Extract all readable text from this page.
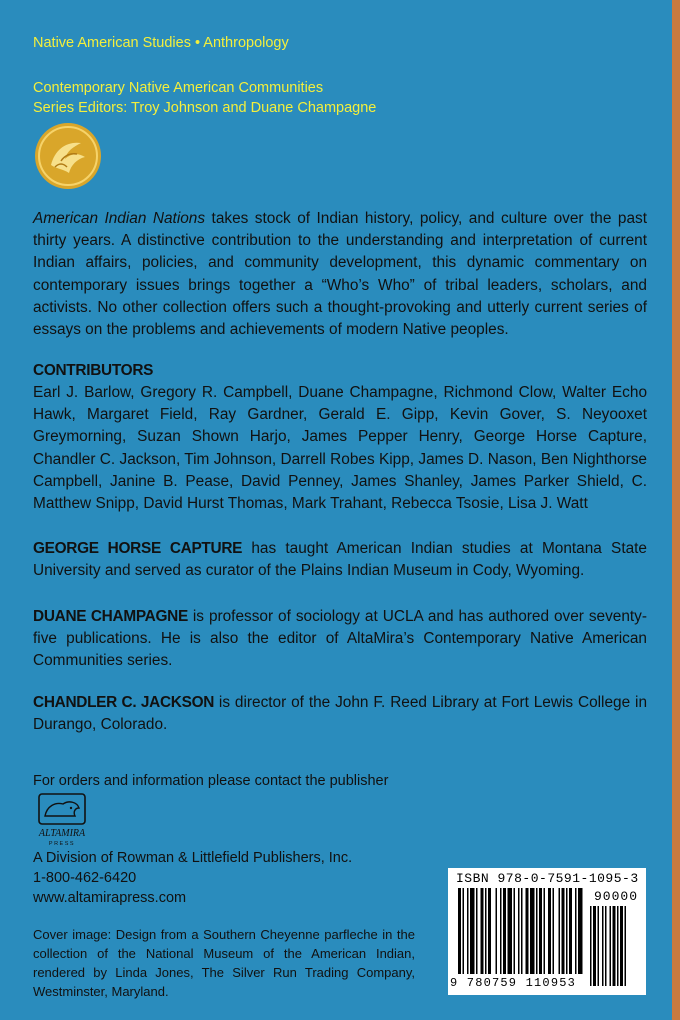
Native American Studies • Anthropology
Contemporary Native American Communities
Series Editors: Troy Johnson and Duane Champagne
American Indian Nations takes stock of Indian history, policy, and culture over the past thirty years. A distinctive contribution to the understanding and interpretation of current Indian affairs, policies, and community development, this dynamic commentary on contemporary issues brings together a “Who’s Who” of tribal leaders, scholars, and activists. No other collection offers such a thought-provoking and utterly current series of essays on the problems and achievements of modern Native peoples.
CONTRIBUTORS
Earl J. Barlow, Gregory R. Campbell, Duane Champagne, Richmond Clow, Walter Echo Hawk, Margaret Field, Ray Gardner, Gerald E. Gipp, Kevin Gover, S. Neyooxet Greymorning, Suzan Shown Harjo, James Pepper Henry, George Horse Capture, Chandler C. Jackson, Tim Johnson, Darrell Robes Kipp, James D. Nason, Ben Nighthorse Campbell, Janine B. Pease, David Penney, James Shanley, James Parker Shield, C. Matthew Snipp, David Hurst Thomas, Mark Trahant, Rebecca Tsosie, Lisa J. Watt
GEORGE HORSE CAPTURE has taught American Indian studies at Montana State University and served as curator of the Plains Indian Museum in Cody, Wyoming.
DUANE CHAMPAGNE is professor of sociology at UCLA and has authored over seventy-five publications. He is also the editor of AltaMira’s Contemporary Native American Communities series.
CHANDLER C. JACKSON is director of the John F. Reed Library at Fort Lewis College in Durango, Colorado.
For orders and information please contact the publisher
ALTAMIRA
PRESS
A Division of Rowman & Littlefield Publishers, Inc.
1-800-462-6420
www.altamirapress.com
Cover image: Design from a Southern Cheyenne parfleche in the collection of the National Museum of the American Indian, rendered by Linda Jones, The Silver Run Trading Company, Westminster, Maryland.
ISBN 978-0-7591-1095-3
90000
9 780759 110953
